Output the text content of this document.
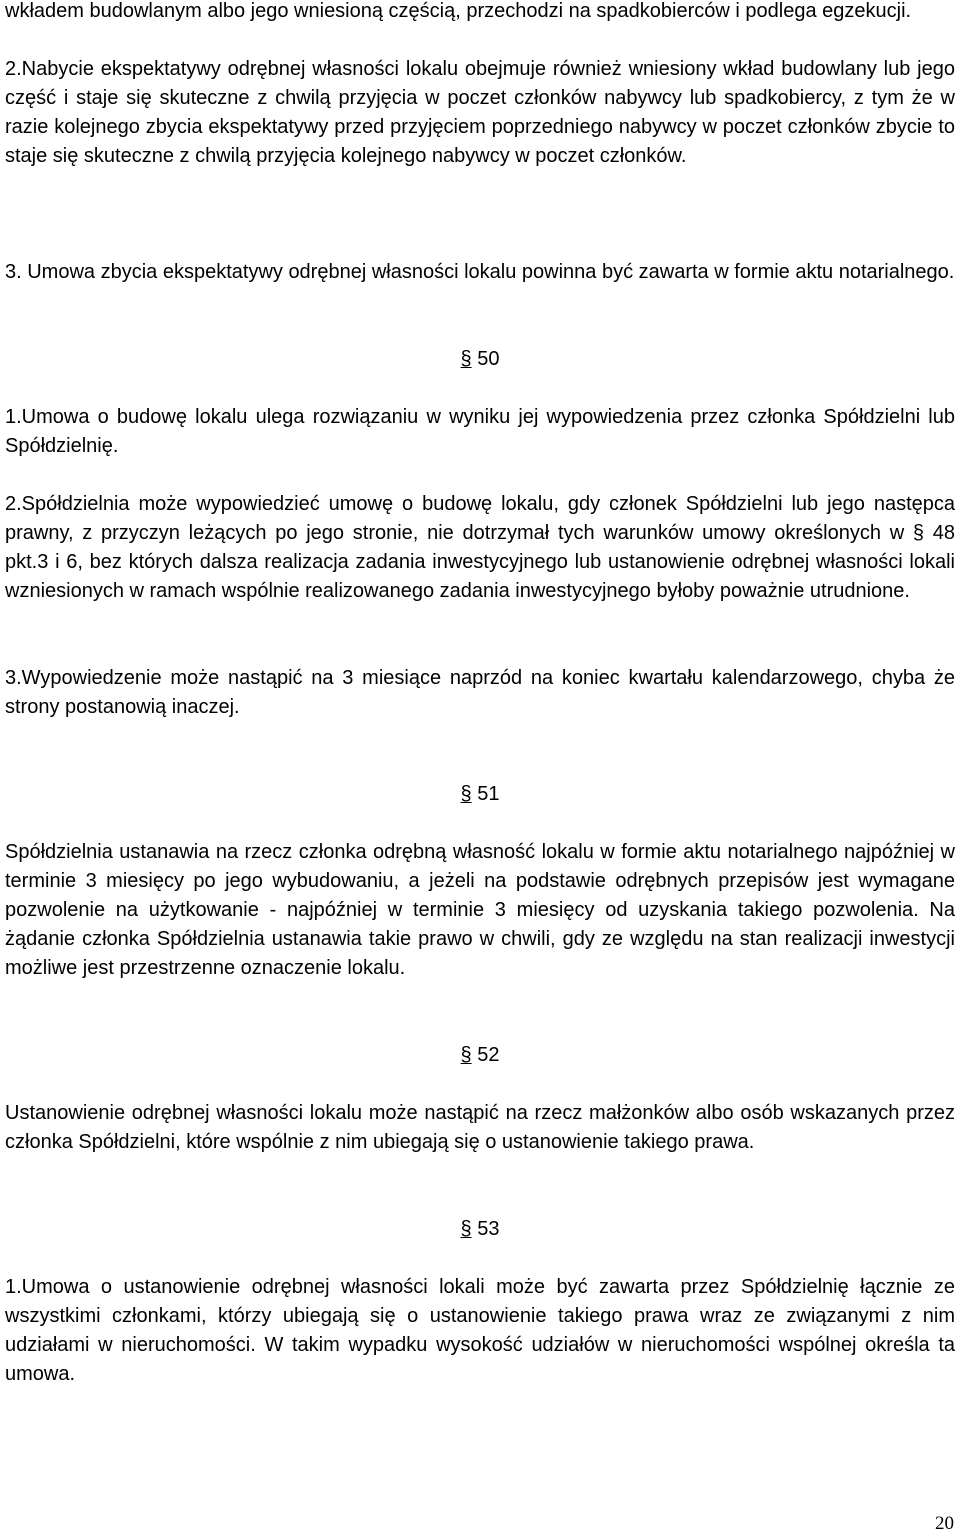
wkładem budowlanym albo jego wniesioną częścią, przechodzi na spadkobierców i podlega egzekucji.

2.Nabycie ekspektatywy odrębnej własności lokalu obejmuje również wniesiony wkład budowlany lub jego część i staje się skuteczne z chwilą przyjęcia w poczet członków nabywcy lub spadkobiercy, z tym że w razie kolejnego zbycia ekspektatywy przed przyjęciem poprzedniego nabywcy w poczet członków zbycie to staje się skuteczne z chwilą przyjęcia kolejnego nabywcy w poczet członków.

3. Umowa zbycia ekspektatywy odrębnej własności lokalu powinna być zawarta w formie aktu notarialnego.

§ 50

1.Umowa o budowę lokalu ulega rozwiązaniu w wyniku jej wypowiedzenia przez członka Spółdzielni lub Spółdzielnię.

2.Spółdzielnia może wypowiedzieć umowę o budowę lokalu, gdy członek Spółdzielni lub jego następca prawny, z przyczyn leżących po jego stronie, nie dotrzymał tych warunków umowy określonych w § 48 pkt.3 i 6, bez których dalsza realizacja zadania inwestycyjnego lub ustanowienie odrębnej własności lokali wzniesionych w ramach wspólnie realizowanego zadania inwestycyjnego byłoby poważnie utrudnione.

3.Wypowiedzenie może nastąpić na 3 miesiące naprzód na koniec kwartału kalendarzowego, chyba że strony postanowią inaczej.

§ 51

Spółdzielnia ustanawia na rzecz członka odrębną własność lokalu w formie aktu notarialnego najpóźniej w terminie 3 miesięcy po jego wybudowaniu, a jeżeli na podstawie odrębnych przepisów jest wymagane pozwolenie na użytkowanie - najpóźniej w terminie 3 miesięcy od uzyskania takiego pozwolenia. Na żądanie członka Spółdzielnia ustanawia takie prawo w chwili, gdy ze względu na stan realizacji inwestycji możliwe jest przestrzenne oznaczenie lokalu.

§ 52

Ustanowienie odrębnej własności lokalu może nastąpić na rzecz małżonków albo osób wskazanych przez członka Spółdzielni, które wspólnie z nim ubiegają się o ustanowienie takiego prawa.

§ 53

1.Umowa o ustanowienie odrębnej własności lokali może być zawarta przez Spółdzielnię łącznie ze wszystkimi członkami, którzy ubiegają się o ustanowienie takiego prawa wraz ze związanymi z nim udziałami w nieruchomości. W takim wypadku wysokość udziałów w nieruchomości wspólnej określa ta umowa.

20
